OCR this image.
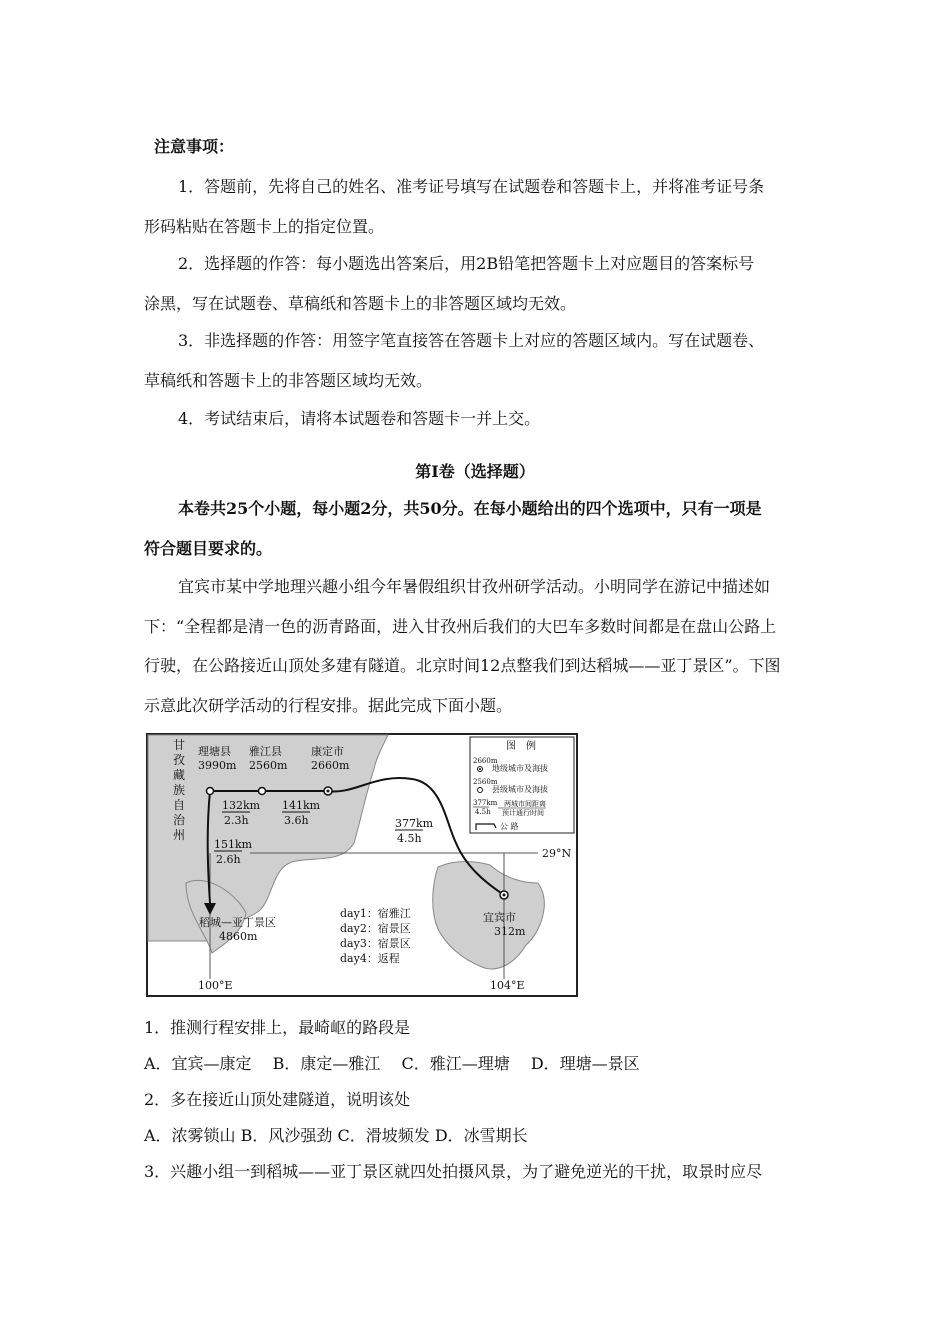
注意事项：
1．答题前，先将自己的姓名、准考证号填写在试题卷和答题卡上，并将准考证号条
形码粘贴在答题卡上的指定位置。
2．选择题的作答：每小题选出答案后，用2B铅笔把答题卡上对应题目的答案标号
涂黑，写在试题卷、草稿纸和答题卡上的非答题区域均无效。
3．非选择题的作答：用签字笔直接答在答题卡上对应的答题区域内。写在试题卷、
草稿纸和答题卡上的非答题区域均无效。
4．考试结束后，请将本试题卷和答题卡一并上交。
第Ⅰ卷（选择题）
本卷共25个小题，每小题2分，共50分。在每小题给出的四个选项中，只有一项是
符合题目要求的。
宜宾市某中学地理兴趣小组今年暑假组织甘孜州研学活动。小明同学在游记中描述如
下：“全程都是清一色的沥青路面，进入甘孜州后我们的大巴车多数时间都是在盘山公路上
行驶，在公路接近山顶处多建有隧道。北京时间12点整我们到达稻城——亚丁景区”。下图
示意此次研学活动的行程安排。据此完成下面小题。
甘
孜
藏
族
自
治
州
理塘县
3990m
雅江县
2560m
康定市
2660m
稻城—亚丁景区
4860m
宜宾市
312m
132km
2.3h
141km
3.6h	377km
4.5h
151km
2.6h
day1：宿雅江
day2：宿景区
day3：宿景区
day4：返程
29°N
100°E	104°E
图　例
2660m
地级城市及海拔
2560m
县级城市及海拔
377km
4.5h
两城市间距离
预计通行时间
公 路
1．推测行程安排上，最崎岖的路段是
A．宜宾—康定　 B．康定—雅江　 C．雅江—理塘　 D．理塘—景区
2．多在接近山顶处建隧道，说明该处
A．浓雾锁山 B．风沙强劲 C．滑坡频发 D．冰雪期长
3．兴趣小组一到稻城——亚丁景区就四处拍摄风景，为了避免逆光的干扰，取景时应尽
